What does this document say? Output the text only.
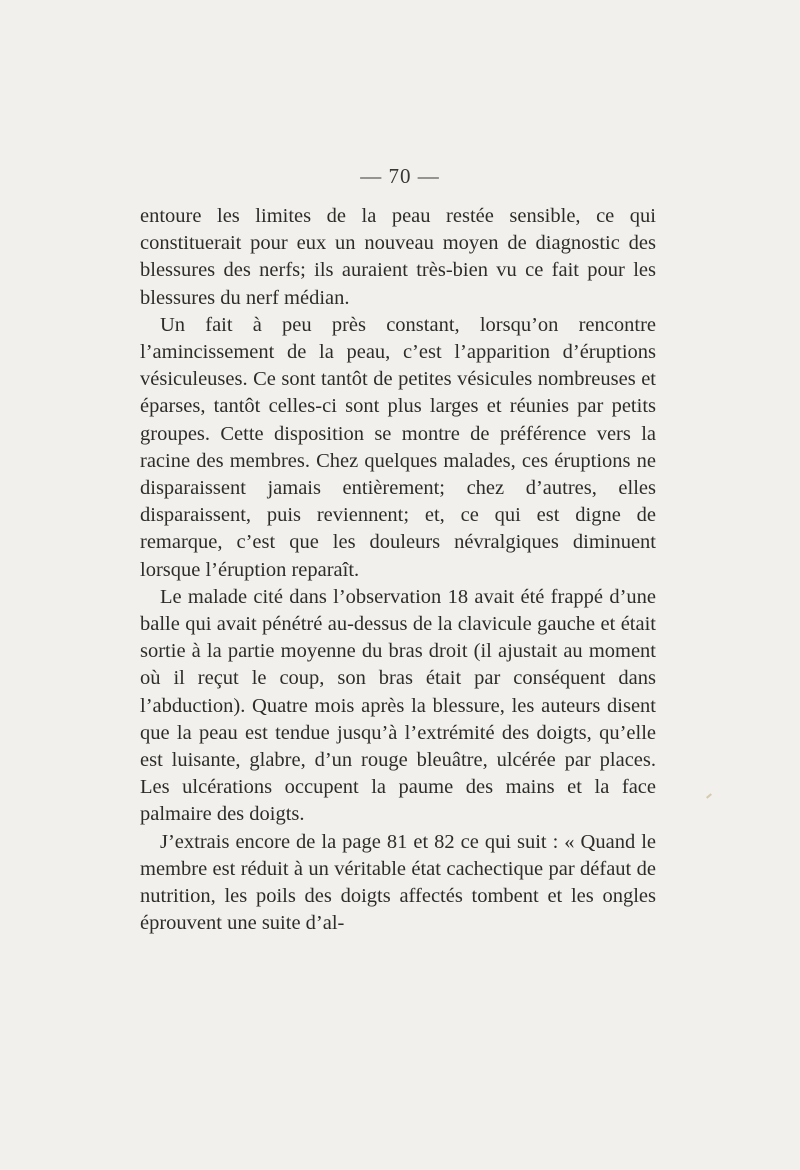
— 70 —

entoure les limites de la peau restée sensible, ce qui constituerait pour eux un nouveau moyen de diagnostic des blessures des nerfs; ils auraient très-bien vu ce fait pour les blessures du nerf médian.

Un fait à peu près constant, lorsqu’on rencontre l’amincissement de la peau, c’est l’apparition d’éruptions vésiculeuses. Ce sont tantôt de petites vésicules nombreuses et éparses, tantôt celles-ci sont plus larges et réunies par petits groupes. Cette disposition se montre de préférence vers la racine des membres. Chez quelques malades, ces éruptions ne disparaissent jamais entièrement; chez d’autres, elles disparaissent, puis reviennent; et, ce qui est digne de remarque, c’est que les douleurs névralgiques diminuent lorsque l’éruption reparaît.

Le malade cité dans l’observation 18 avait été frappé d’une balle qui avait pénétré au-dessus de la clavicule gauche et était sortie à la partie moyenne du bras droit (il ajustait au moment où il reçut le coup, son bras était par conséquent dans l’abduction). Quatre mois après la blessure, les auteurs disent que la peau est tendue jusqu’à l’extrémité des doigts, qu’elle est luisante, glabre, d’un rouge bleuâtre, ulcérée par places. Les ulcérations occupent la paume des mains et la face palmaire des doigts.

J’extrais encore de la page 81 et 82 ce qui suit : « Quand le membre est réduit à un véritable état cachectique par défaut de nutrition, les poils des doigts affectés tombent et les ongles éprouvent une suite d’al-
